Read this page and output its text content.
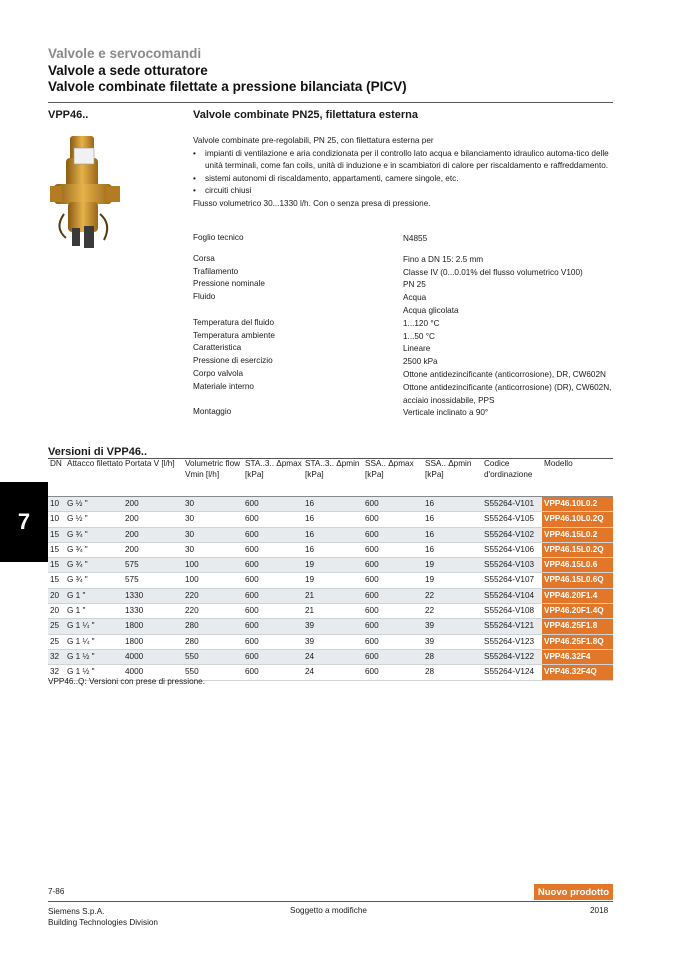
Valvole e servocomandi
Valvole a sede otturatore
Valvole combinate filettate a pressione bilanciata (PICV)
VPP46..	Valvole combinate PN25, filettatura esterna
Valvole combinate pre-regolabili, PN 25, con filettatura esterna per
• impianti di ventilazione e aria condizionata per il controllo lato acqua e bilanciamento idraulico automa-tico delle unità terminali, come fan coils, unità di induzione e in scambiatori di calore per riscaldamento e raffreddamento.
• sistemi autonomi di riscaldamento, appartamenti, camere singole, etc.
• circuiti chiusi
Flusso volumetrico 30...1330 l/h. Con o senza presa di pressione.
Foglio tecnico	N4855
Corsa	Fino a DN 15: 2.5 mm
Trafilamento	Classe IV (0...0.01% del flusso volumetrico V100)
Pressione nominale	PN 25
Fluido	Acqua
Acqua glicolata
Temperatura del fluido	1...120 °C
Temperatura ambiente	1...50 °C
Caratteristica	Lineare
Pressione di esercizio	2500 kPa
Corpo valvola	Ottone antidezincificante (anticorrosione), DR, CW602N
Materiale interno	Ottone antidezincificante (anticorrosione) (DR), CW602N, acciaio inossidabile, PPS
Montaggio	Verticale inclinato a 90°
Versioni di VPP46..
DN	Attacco filettato	Portata V [l/h]	Volumetric flow Vmin [l/h]	STA..3.. Δpmax [kPa]	STA..3.. Δpmin [kPa]	SSA.. Δpmax [kPa]	SSA.. Δpmin [kPa]	Codice d'ordinazione	Modello
10	G ½ "	200	30	600	16	600	16	S55264-V101	VPP46.10L0.2
10	G ½ "	200	30	600	16	600	16	S55264-V105	VPP46.10L0.2Q
15	G ¾ "	200	30	600	16	600	16	S55264-V102	VPP46.15L0.2
15	G ¾ "	200	30	600	16	600	16	S55264-V106	VPP46.15L0.2Q
15	G ¾ "	575	100	600	19	600	19	S55264-V103	VPP46.15L0.6
15	G ¾ "	575	100	600	19	600	19	S55264-V107	VPP46.15L0.6Q
20	G 1 "	1330	220	600	21	600	22	S55264-V104	VPP46.20F1.4
20	G 1 "	1330	220	600	21	600	22	S55264-V108	VPP46.20F1.4Q
25	G 1 ¼ "	1800	280	600	39	600	39	S55264-V121	VPP46.25F1.8
25	G 1 ¼ "	1800	280	600	39	600	39	S55264-V123	VPP46.25F1.8Q
32	G 1 ½ "	4000	550	600	24	600	28	S55264-V122	VPP46.32F4
32	G 1 ½ "	4000	550	600	24	600	28	S55264-V124	VPP46.32F4Q
VPP46..Q: Versioni con prese di pressione.
7
7-86	Nuovo prodotto
Siemens S.p.A.
Building Technologies Division
Soggetto a modifiche	2018
